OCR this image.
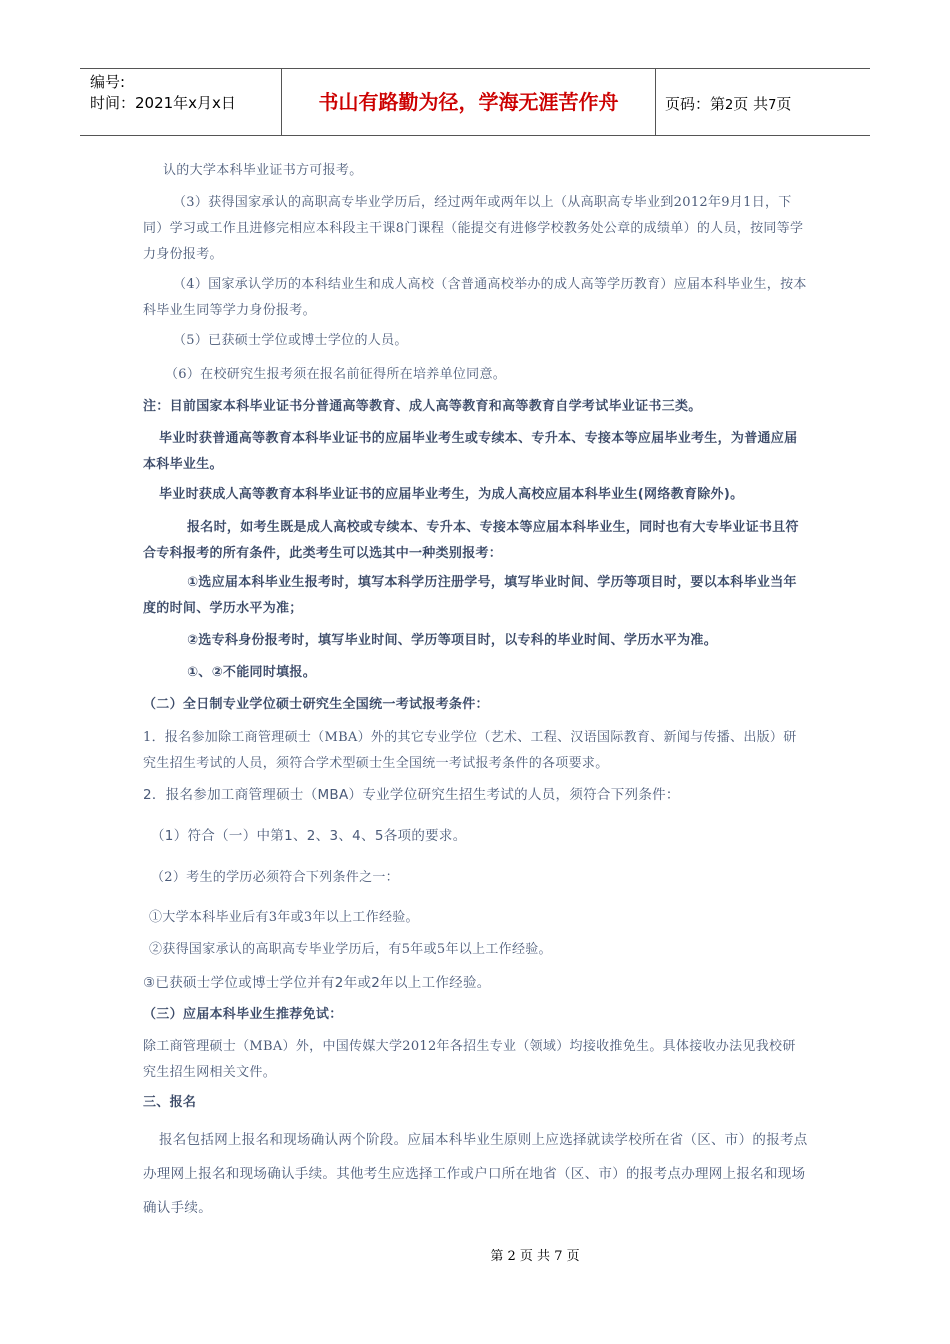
编号:
时间：2021年x月x日	书山有路勤为径，学海无涯苦作舟	页码：第2页 共7页
认的大学本科毕业证书方可报考。
（3）获得国家承认的高职高专毕业学历后，经过两年或两年以上（从高职高专毕业到2012年9月1日，下同）学习或工作且进修完相应本科段主干课8门课程（能提交有进修学校教务处公章的成绩单）的人员，按同等学力身份报考。
（4）国家承认学历的本科结业生和成人高校（含普通高校举办的成人高等学历教育）应届本科毕业生，按本科毕业生同等学力身份报考。
（5）已获硕士学位或博士学位的人员。
（6）在校研究生报考须在报名前征得所在培养单位同意。
注：目前国家本科毕业证书分普通高等教育、成人高等教育和高等教育自学考试毕业证书三类。
毕业时获普通高等教育本科毕业证书的应届毕业考生或专续本、专升本、专接本等应届毕业考生，为普通应届本科毕业生。
毕业时获成人高等教育本科毕业证书的应届毕业考生，为成人高校应届本科毕业生(网络教育除外)。
报名时，如考生既是成人高校或专续本、专升本、专接本等应届本科毕业生，同时也有大专毕业证书且符合专科报考的所有条件，此类考生可以选其中一种类别报考：
①选应届本科毕业生报考时，填写本科学历注册学号，填写毕业时间、学历等项目时，要以本科毕业当年度的时间、学历水平为准；
②选专科身份报考时，填写毕业时间、学历等项目时，以专科的毕业时间、学历水平为准。
①、②不能同时填报。
（二）全日制专业学位硕士研究生全国统一考试报考条件：
1．报名参加除工商管理硕士（MBA）外的其它专业学位（艺术、工程、汉语国际教育、新闻与传播、出版）研究生招生考试的人员，须符合学术型硕士生全国统一考试报考条件的各项要求。
2．报名参加工商管理硕士（MBA）专业学位研究生招生考试的人员，须符合下列条件：
（1）符合（一）中第1、2、3、4、5各项的要求。
（2）考生的学历必须符合下列条件之一：
①大学本科毕业后有3年或3年以上工作经验。
②获得国家承认的高职高专毕业学历后，有5年或5年以上工作经验。
③已获硕士学位或博士学位并有2年或2年以上工作经验。
（三）应届本科毕业生推荐免试：
除工商管理硕士（MBA）外，中国传媒大学2012年各招生专业（领域）均接收推免生。具体接收办法见我校研究生招生网相关文件。
三、报名
报名包括网上报名和现场确认两个阶段。应届本科毕业生原则上应选择就读学校所在省（区、市）的报考点办理网上报名和现场确认手续。其他考生应选择工作或户口所在地省（区、市）的报考点办理网上报名和现场确认手续。
第 2 页 共 7 页
